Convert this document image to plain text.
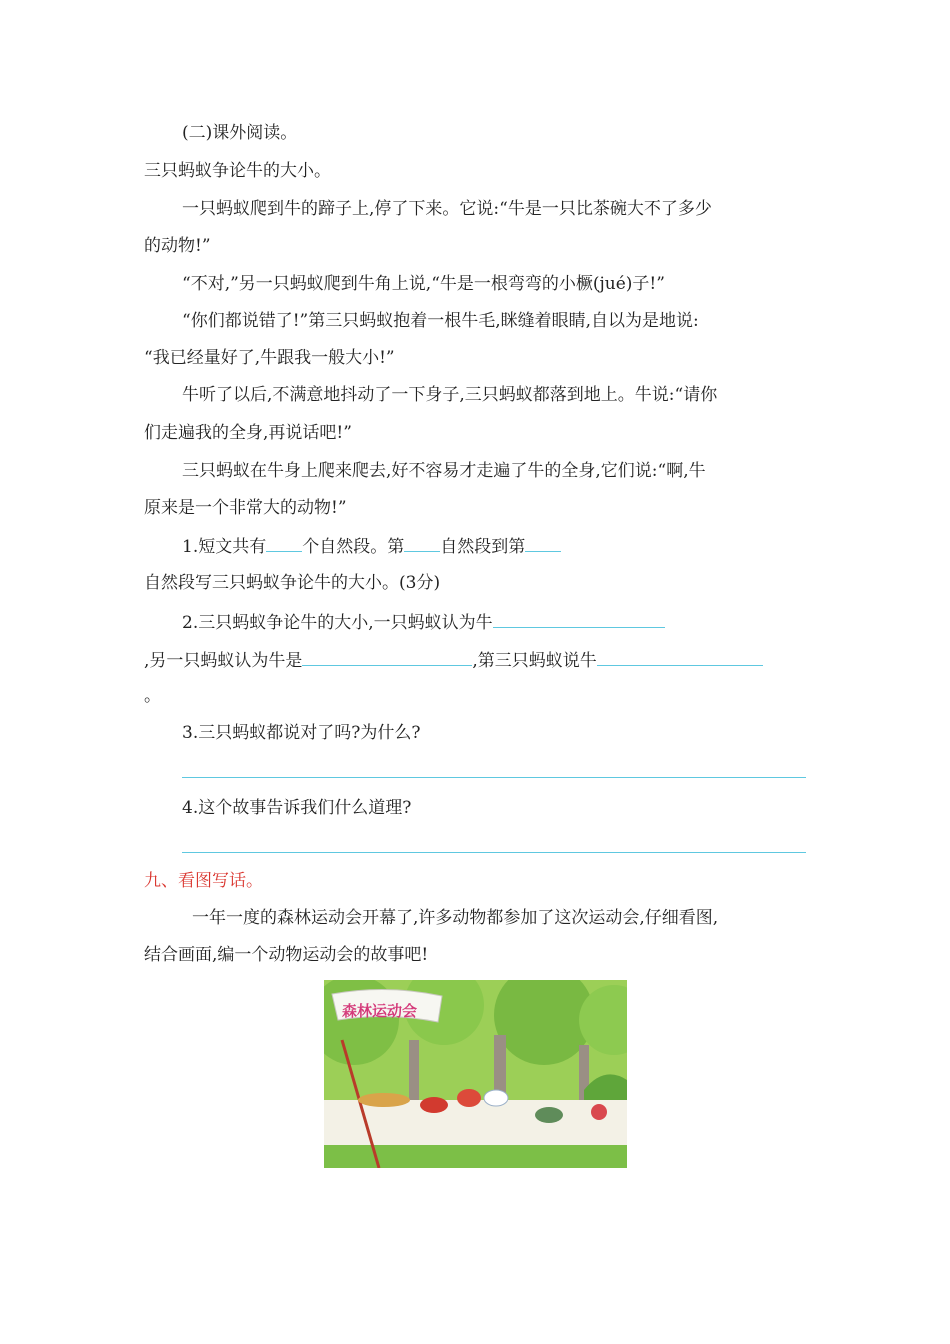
(二)课外阅读。
三只蚂蚁争论牛的大小。
一只蚂蚁爬到牛的蹄子上,停了下来。它说:“牛是一只比茶碗大不了多少
的动物!”
“不对,”另一只蚂蚁爬到牛角上说,“牛是一根弯弯的小橛(jué)子!”
“你们都说错了!”第三只蚂蚁抱着一根牛毛,眯缝着眼睛,自以为是地说:
“我已经量好了,牛跟我一般大小!”
牛听了以后,不满意地抖动了一下身子,三只蚂蚁都落到地上。牛说:“请你
们走遍我的全身,再说话吧!”
三只蚂蚁在牛身上爬来爬去,好不容易才走遍了牛的全身,它们说:“啊,牛
原来是一个非常大的动物!”
1.短文共有 个自然段。第 自然段到第
自然段写三只蚂蚁争论牛的大小。(3分)
2.三只蚂蚁争论牛的大小,一只蚂蚁认为牛
,另一只蚂蚁认为牛是	,第三只蚂蚁说牛
。
3.三只蚂蚁都说对了吗?为什么?
4.这个故事告诉我们什么道理?
九、看图写话。
一年一度的森林运动会开幕了,许多动物都参加了这次运动会,仔细看图,
结合画面,编一个动物运动会的故事吧!
森林运动会
